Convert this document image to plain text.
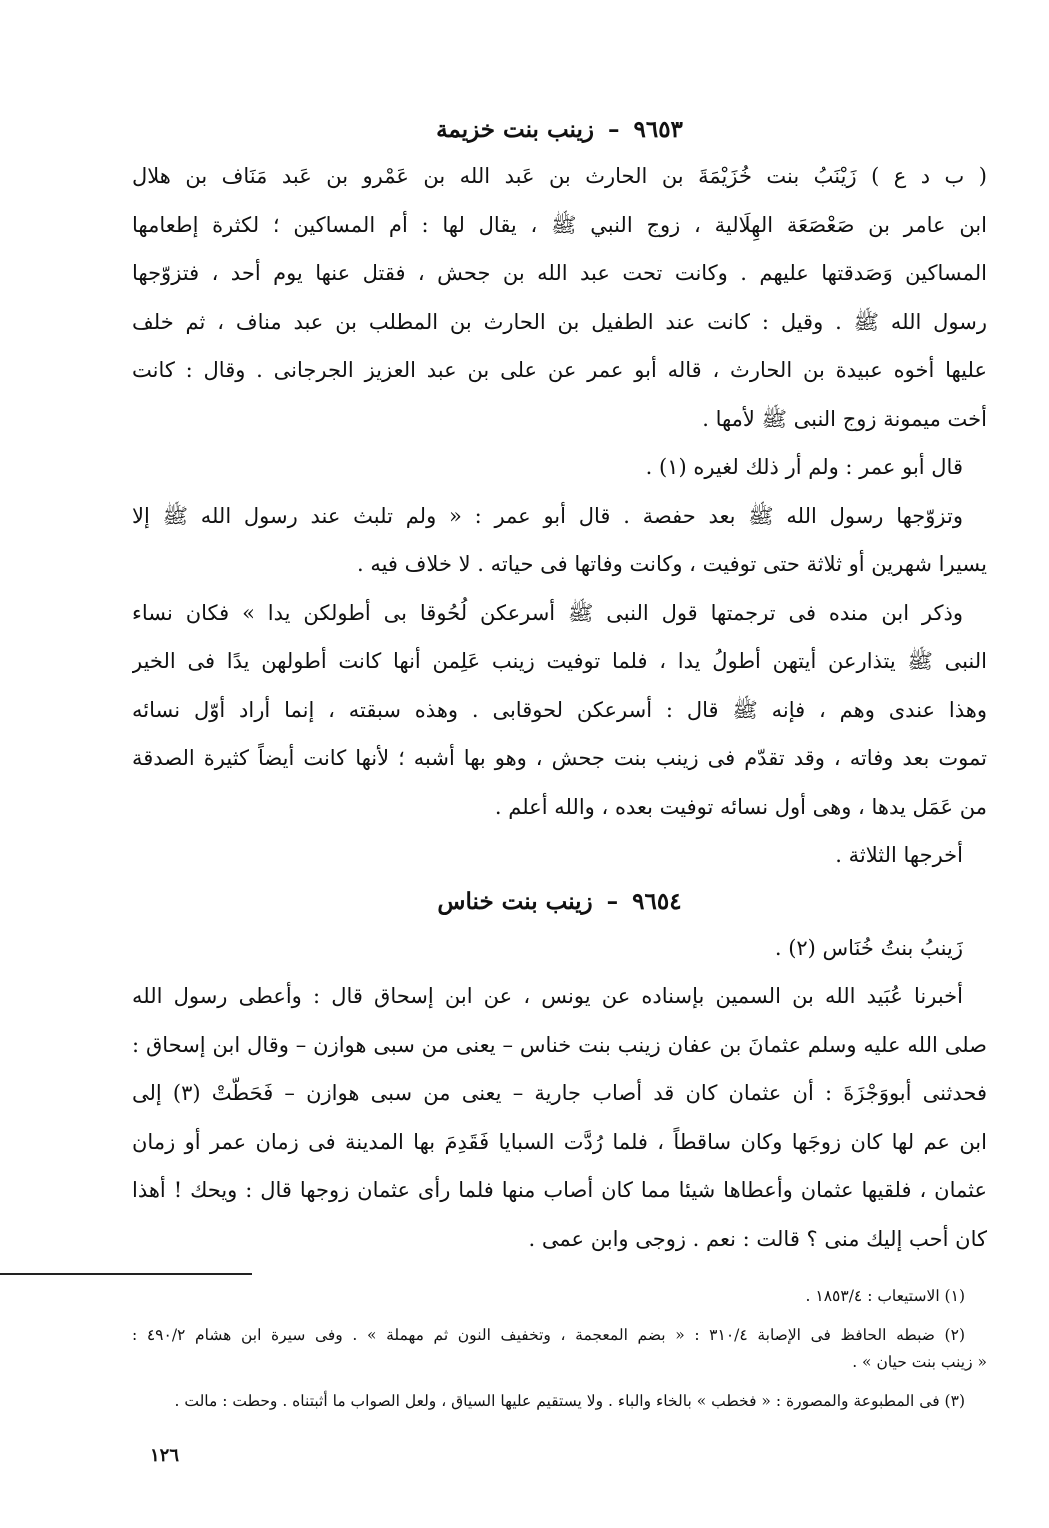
٩٦٥٣–زينب بنت خزيمة
( ب د ع ) زَيْنَبُ بنت خُزَيْمَةَ بن الحارث بن عَبد الله بن عَمْرو بن عَبد مَنَاف بن هلال
ابن عامر بن صَعْصَعَة الهِلَالية ، زوج النبي ﷺ ، يقال لها : أم المساكين ؛ لكثرة إطعامها
المساكين وَصَدقتها عليهم . وكانت تحت عبد الله بن جحش ، فقتل عنها يوم أحد ، فتزوّجها
رسول الله ﷺ . وقيل : كانت عند الطفيل بن الحارث بن المطلب بن عبد مناف ، ثم خلف
عليها أخوه عبيدة بن الحارث ، قاله أبو عمر عن على بن عبد العزيز الجرجانى . وقال : كانت
أخت ميمونة زوج النبى ﷺ لأمها .
قال أبو عمر : ولم أر ذلك لغيره (١) .
وتزوّجها رسول الله ﷺ بعد حفصة . قال أبو عمر : « ولم تلبث عند رسول الله ﷺ إلا
يسيرا شهرين أو ثلاثة حتى توفيت ، وكانت وفاتها فى حياته . لا خلاف فيه .
وذكر ابن منده فى ترجمتها قول النبى ﷺ أسرعكن لُحُوقا بى أطولكن يدا » فكان نساء
النبى ﷺ يتذارعن أيتهن أطولُ يدا ، فلما توفيت زينب عَلِمن أنها كانت أطولهن يدًا فى الخير
وهذا عندى وهم ، فإنه ﷺ قال : أسرعكن لحوقابى . وهذه سبقته ، إنما أراد أوّل نسائه
تموت بعد وفاته ، وقد تقدّم فى زينب بنت جحش ، وهو بها أشبه ؛ لأنها كانت أيضاً كثيرة الصدقة
من عَمَل يدها ، وهى أول نسائه توفيت بعده ، والله أعلم .
أخرجها الثلاثة .
٩٦٥٤–زينب بنت خناس
زَينبُ بنتُ خُنَاس (٢) .
أخبرنا عُبَيد الله بن السمين بإسناده عن يونس ، عن ابن إسحاق قال : وأعطى رسول الله
صلى الله عليه وسلم عثمانَ بن عفان زينب بنت خناس – يعنى من سبى هوازن – وقال ابن إسحاق :
فحدثنى أبووَجْزَةَ : أن عثمان كان قد أصاب جارية – يعنى من سبى هوازن – فَحَطّتْ (٣) إلى
ابن عم لها كان زوجَها وكان ساقطاً ، فلما رُدَّت السبايا فَقَدِمَ بها المدينة فى زمان عمر أو زمان
عثمان ، فلقيها عثمان وأعطاها شيئا مما كان أصاب منها فلما رأى عثمان زوجها قال : ويحك ! أهذا
كان أحب إليك منى ؟ قالت : نعم . زوجى وابن عمى .
(١) الاستيعاب : ١٨٥٣/٤ .
(٢) ضبطه الحافظ فى الإصابة ٣١٠/٤ : « بضم المعجمة ، وتخفيف النون ثم مهملة » . وفى سيرة ابن هشام ٤٩٠/٢ :
« زينب بنت حيان » .
(٣) فى المطبوعة والمصورة : « فخطب » بالخاء والباء . ولا يستقيم عليها السياق ، ولعل الصواب ما أثبتناه . وحطت : مالت .
١٢٦
